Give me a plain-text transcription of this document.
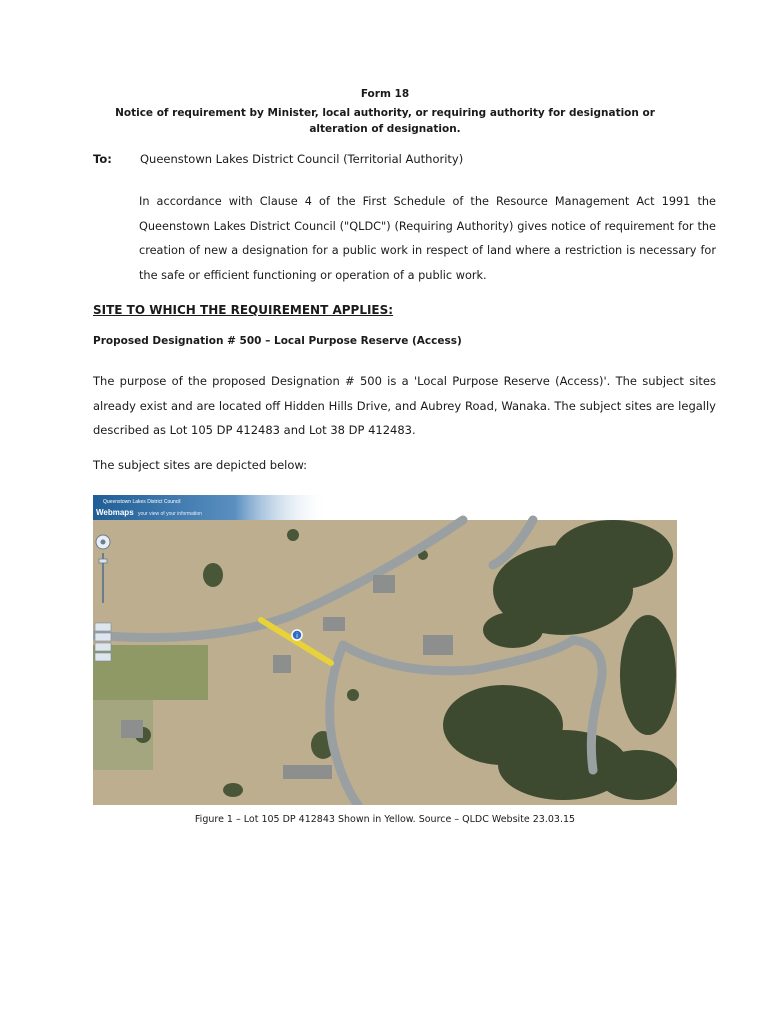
Form 18
Notice of requirement by Minister, local authority, or requiring authority for designation or alteration of designation.
To: Queenstown Lakes District Council (Territorial Authority)
In accordance with Clause 4 of the First Schedule of the Resource Management Act 1991 the Queenstown Lakes District Council ("QLDC") (Requiring Authority) gives notice of requirement for the creation of new a designation for a public work in respect of land where a restriction is necessary for the safe or efficient functioning or operation of a public work.
SITE TO WHICH THE REQUIREMENT APPLIES:
Proposed Designation # 500 – Local Purpose Reserve (Access)
The purpose of the proposed Designation # 500 is a 'Local Purpose Reserve (Access)'. The subject sites already exist and are located off Hidden Hills Drive, and Aubrey Road, Wanaka. The subject sites are legally described as Lot 105 DP 412483 and Lot 38 DP 412483.
The subject sites are depicted below:
i
Queenstown Lakes District Council
Webmaps your view of your information
Figure 1 – Lot 105 DP 412843 Shown in Yellow. Source – QLDC Website 23.03.15
